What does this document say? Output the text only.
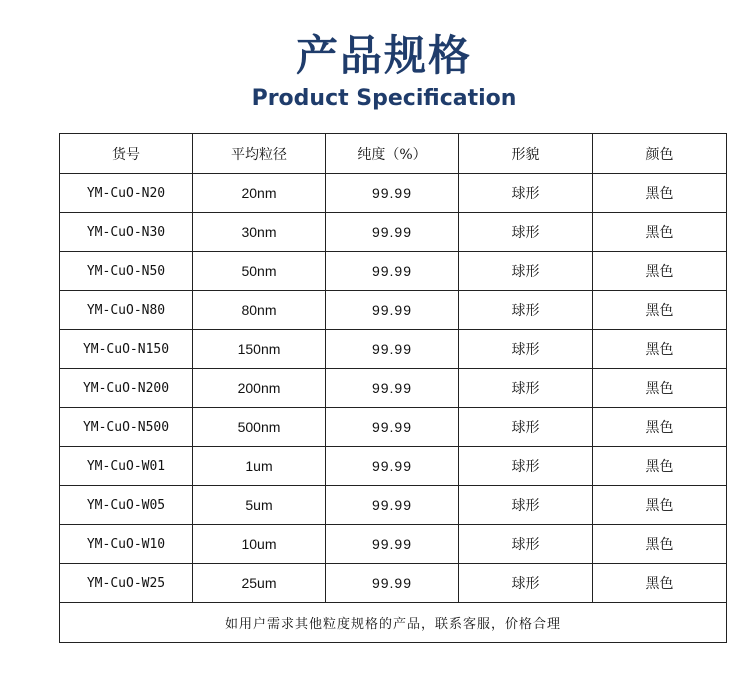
产品规格
Product Specification
货号	平均粒径	纯度（%）	形貌	颜色
YM-CuO-N20	20nm	99.99	球形	黑色
YM-CuO-N30	30nm	99.99	球形	黑色
YM-CuO-N50	50nm	99.99	球形	黑色
YM-CuO-N80	80nm	99.99	球形	黑色
YM-CuO-N150	150nm	99.99	球形	黑色
YM-CuO-N200	200nm	99.99	球形	黑色
YM-CuO-N500	500nm	99.99	球形	黑色
YM-CuO-W01	1um	99.99	球形	黑色
YM-CuO-W05	5um	99.99	球形	黑色
YM-CuO-W10	10um	99.99	球形	黑色
YM-CuO-W25	25um	99.99	球形	黑色
如用户需求其他粒度规格的产品，联系客服，价格合理				
